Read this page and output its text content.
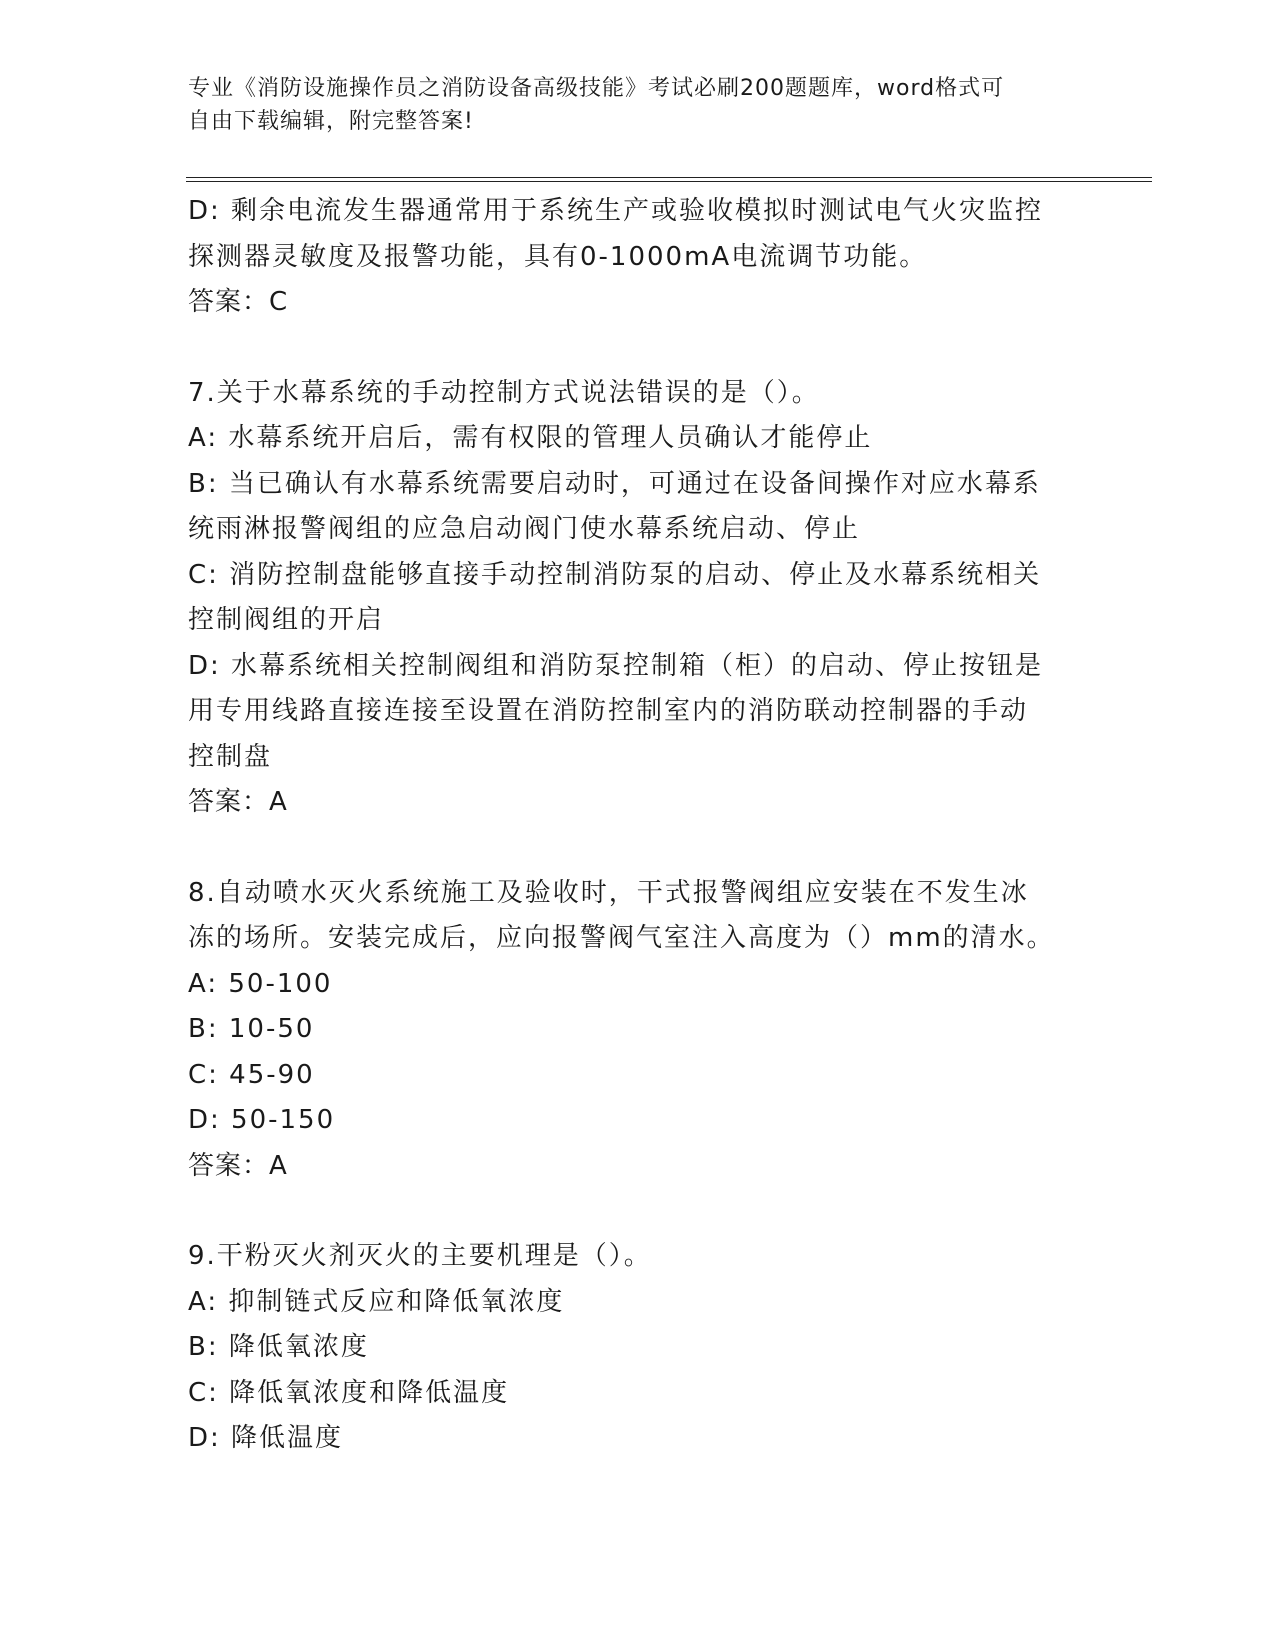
专业《消防设施操作员之消防设备高级技能》考试必刷200题题库，word格式可
自由下载编辑，附完整答案!
D: 剩余电流发生器通常用于系统生产或验收模拟时测试电气火灾监控
探测器灵敏度及报警功能，具有0-1000mA电流调节功能。
答案：C
7.关于水幕系统的手动控制方式说法错误的是（）。
A: 水幕系统开启后，需有权限的管理人员确认才能停止
B: 当已确认有水幕系统需要启动时，可通过在设备间操作对应水幕系
统雨淋报警阀组的应急启动阀门使水幕系统启动、停止
C: 消防控制盘能够直接手动控制消防泵的启动、停止及水幕系统相关
控制阀组的开启
D: 水幕系统相关控制阀组和消防泵控制箱（柜）的启动、停止按钮是
用专用线路直接连接至设置在消防控制室内的消防联动控制器的手动
控制盘
答案：A
8.自动喷水灭火系统施工及验收时，干式报警阀组应安装在不发生冰
冻的场所。安装完成后，应向报警阀气室注入高度为（）mm的清水。
A: 50-100
B: 10-50
C: 45-90
D: 50-150
答案：A
9.干粉灭火剂灭火的主要机理是（）。
A: 抑制链式反应和降低氧浓度
B: 降低氧浓度
C: 降低氧浓度和降低温度
D: 降低温度
